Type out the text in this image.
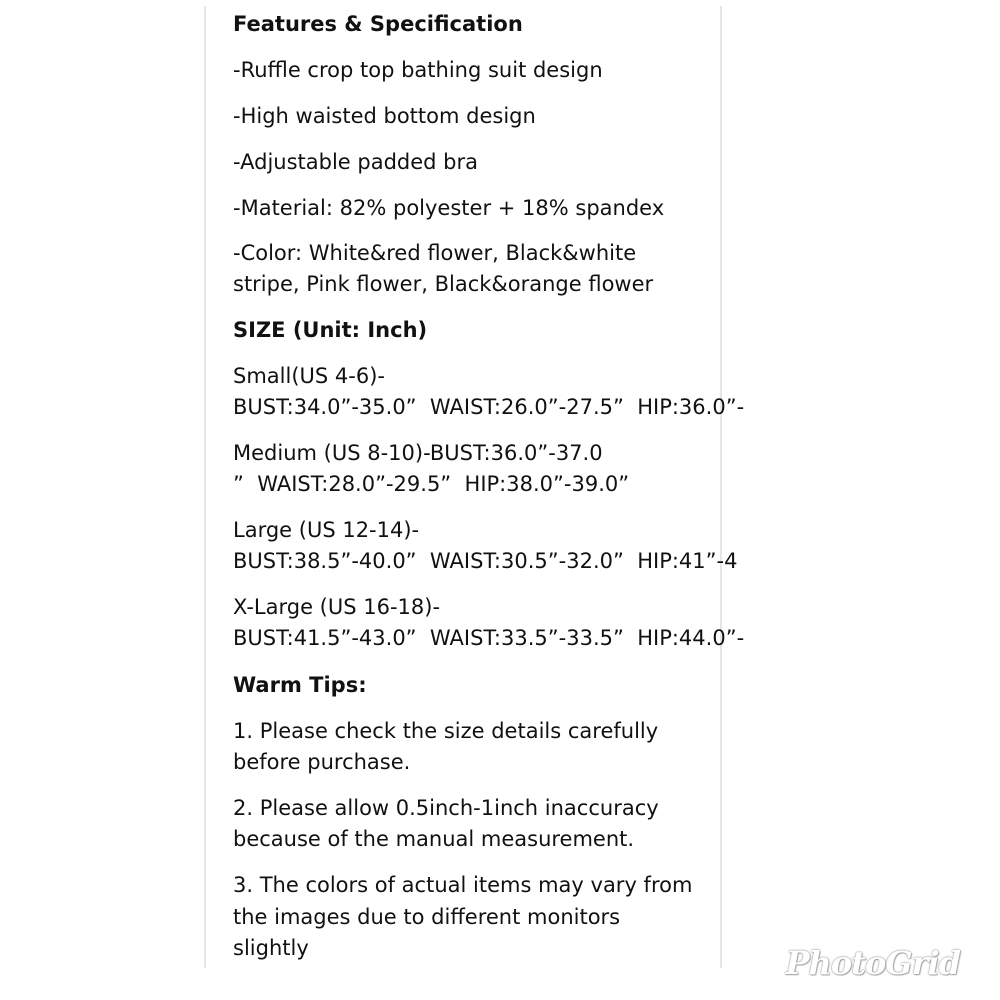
Features & Specification
-Ruffle crop top bathing suit design
-High waisted bottom design
-Adjustable padded bra
-Material: 82% polyester + 18% spandex
-Color: White&red flower, Black&white
stripe, Pink flower, Black&orange flower
SIZE (Unit: Inch)
Small(US 4-6)-
BUST:34.0”-35.0”  WAIST:26.0”-27.5”  HIP:36.0”-
Medium (US 8-10)-BUST:36.0”-37.0
”  WAIST:28.0”-29.5”  HIP:38.0”-39.0”
Large (US 12-14)-
BUST:38.5”-40.0”  WAIST:30.5”-32.0”  HIP:41”-4
X-Large (US 16-18)-
BUST:41.5”-43.0”  WAIST:33.5”-33.5”  HIP:44.0”-
Warm Tips:
1. Please check the size details carefully
before purchase.
2. Please allow 0.5inch-1inch inaccuracy
because of the manual measurement.
3. The colors of actual items may vary from
the images due to different monitors
slightly	PhotoGrid
